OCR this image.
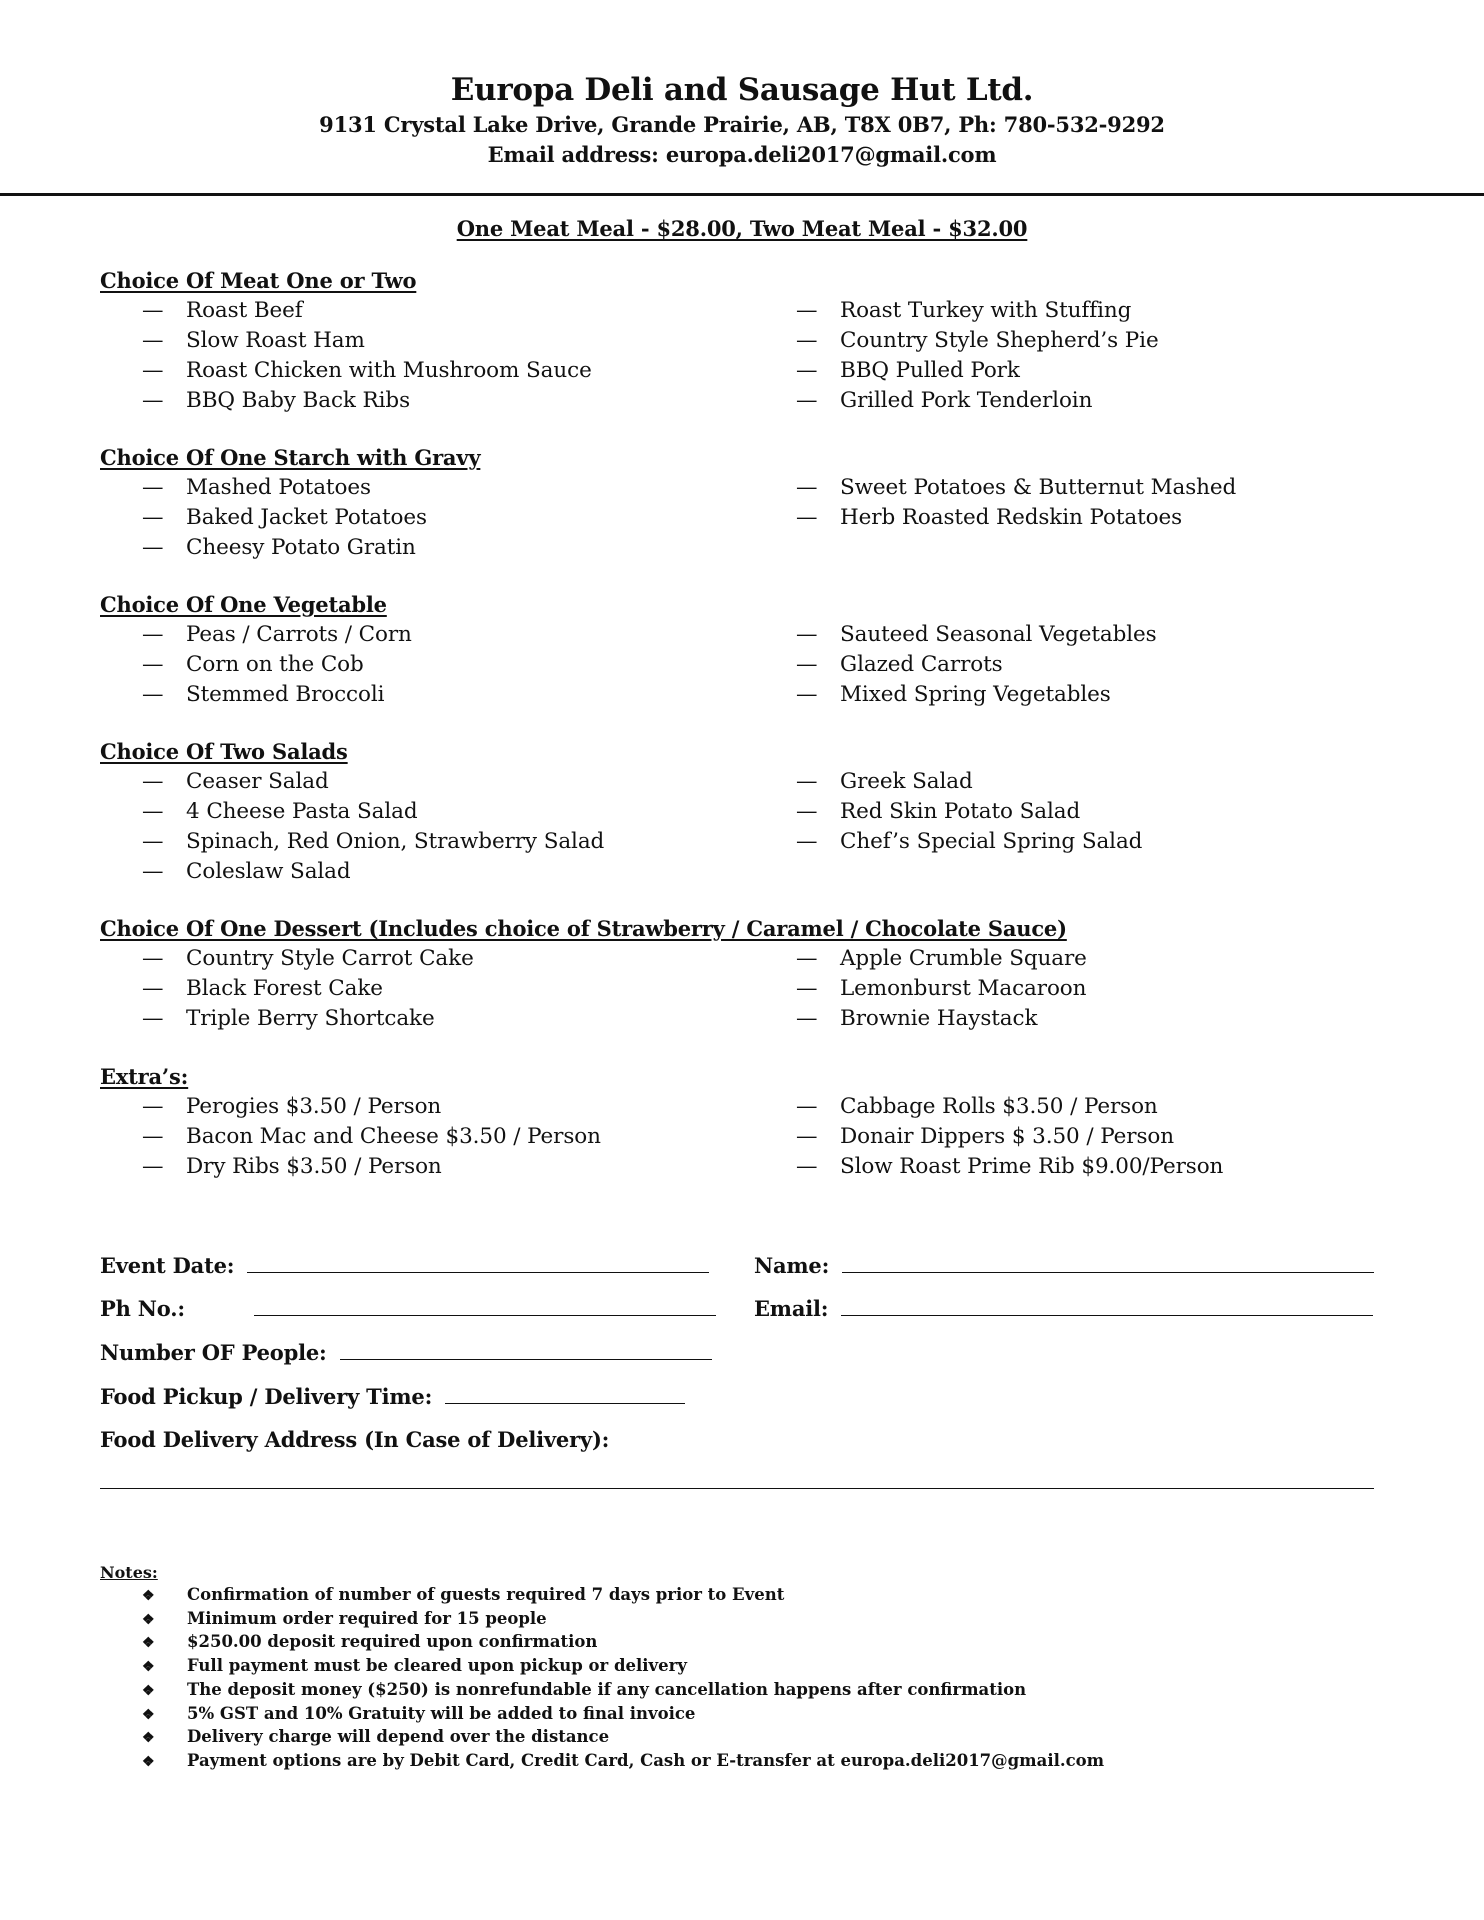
Europa Deli and Sausage Hut Ltd.
9131 Crystal Lake Drive, Grande Prairie, AB, T8X 0B7, Ph: 780-532-9292
Email address: europa.deli2017@gmail.com
One Meat Meal - $28.00, Two Meat Meal - $32.00
Choice Of Meat One or Two
— Roast Beef
— Slow Roast Ham
— Roast Chicken with Mushroom Sauce
— BBQ Baby Back Ribs
— Roast Turkey with Stuffing
— Country Style Shepherd’s Pie
— BBQ Pulled Pork
— Grilled Pork Tenderloin
Choice Of One Starch with Gravy
— Mashed Potatoes
— Baked Jacket Potatoes
— Cheesy Potato Gratin
— Sweet Potatoes & Butternut Mashed
— Herb Roasted Redskin Potatoes
Choice Of One Vegetable
— Peas / Carrots / Corn
— Corn on the Cob
— Stemmed Broccoli
— Sauteed Seasonal Vegetables
— Glazed Carrots
— Mixed Spring Vegetables
Choice Of Two Salads
— Ceaser Salad
— 4 Cheese Pasta Salad
— Spinach, Red Onion, Strawberry Salad
— Coleslaw Salad
— Greek Salad
— Red Skin Potato Salad
— Chef’s Special Spring Salad
Choice Of One Dessert (Includes choice of Strawberry / Caramel / Chocolate Sauce)
— Country Style Carrot Cake
— Black Forest Cake
— Triple Berry Shortcake
— Apple Crumble Square
— Lemonburst Macaroon
— Brownie Haystack
Extra’s:
— Perogies $3.50 / Person
— Bacon Mac and Cheese $3.50 / Person
— Dry Ribs $3.50 / Person
— Cabbage Rolls $3.50 / Person
— Donair Dippers $ 3.50 / Person
— Slow Roast Prime Rib $9.00/Person
Event Date:	Name:
Ph No.:	Email:
Number OF People:
Food Pickup / Delivery Time:
Food Delivery Address (In Case of Delivery):
Notes:
❖ Confirmation of number of guests required 7 days prior to Event
❖ Minimum order required for 15 people
❖ $250.00 deposit required upon confirmation
❖ Full payment must be cleared upon pickup or delivery
❖ The deposit money ($250) is nonrefundable if any cancellation happens after confirmation
❖ 5% GST and 10% Gratuity will be added to final invoice
❖ Delivery charge will depend over the distance
❖ Payment options are by Debit Card, Credit Card, Cash or E-transfer at europa.deli2017@gmail.com
